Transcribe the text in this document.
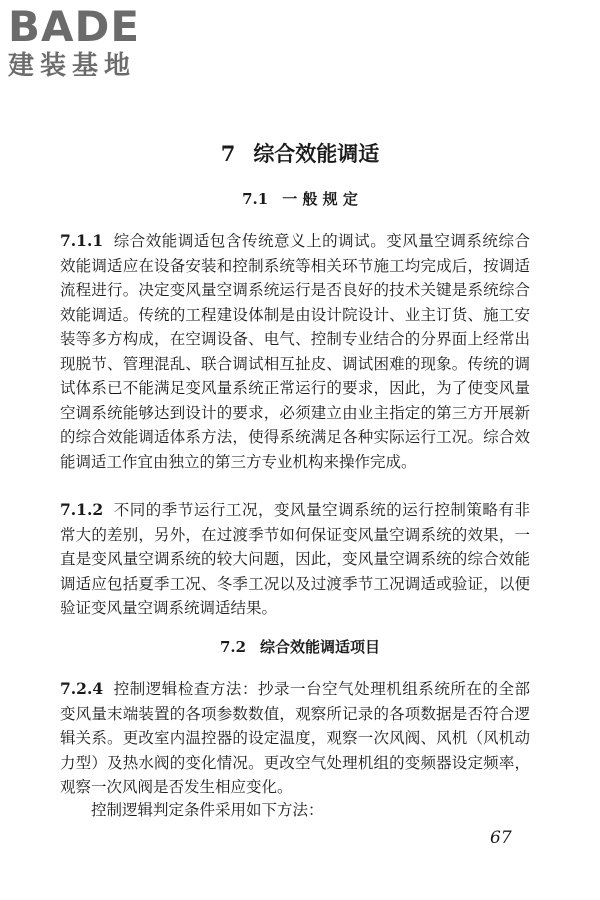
BADE

建装基地

7 综合效能调适
7.1 一 般 规 定

7.1.1 综合效能调适包含传统意义上的调试。变风量空调系统综合效能调适应在设备安装和控制系统等相关环节施工均完成后，按调适流程进行。决定变风量空调系统运行是否良好的技术关键是系统综合效能调适。传统的工程建设体制是由设计院设计、业主订货、施工安装等多方构成，在空调设备、电气、控制专业结合的分界面上经常出现脱节、管理混乱、联合调试相互扯皮、调试困难的现象。传统的调试体系已不能满足变风量系统正常运行的要求，因此，为了使变风量空调系统能够达到设计的要求，必须建立由业主指定的第三方开展新的综合效能调适体系方法，使得系统满足各种实际运行工况。综合效能调适工作宜由独立的第三方专业机构来操作完成。

7.1.2 不同的季节运行工况，变风量空调系统的运行控制策略有非常大的差别，另外，在过渡季节如何保证变风量空调系统的效果，一直是变风量空调系统的较大问题，因此，变风量空调系统的综合效能调适应包括夏季工况、冬季工况以及过渡季节工况调适或验证，以便验证变风量空调系统调适结果。

7.2 综合效能调适项目

7.2.4 控制逻辑检查方法：抄录一台空气处理机组系统所在的全部变风量末端装置的各项参数数值，观察所记录的各项数据是否符合逻辑关系。更改室内温控器的设定温度，观察一次风阀、风机（风机动力型）及热水阀的变化情况。更改空气处理机组的变频器设定频率，观察一次风阀是否发生相应变化。

控制逻辑判定条件采用如下方法：

67
